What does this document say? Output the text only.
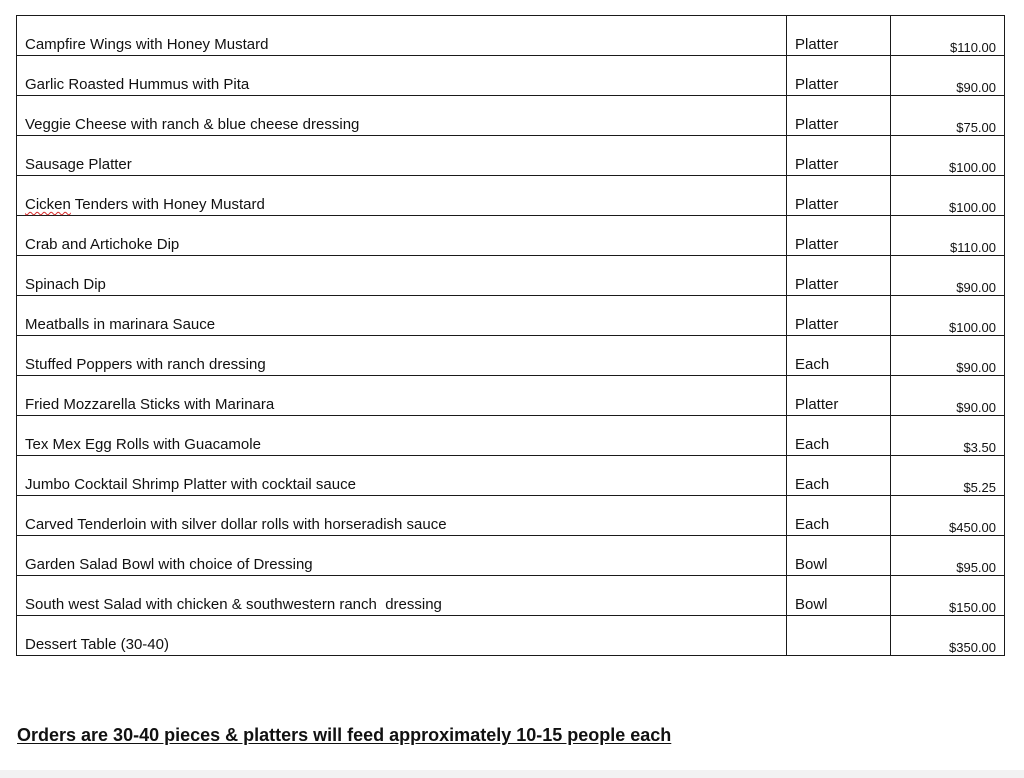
Campfire Wings with Honey Mustard	Platter	$110.00
Garlic Roasted Hummus with Pita	Platter	$90.00
Veggie Cheese with ranch & blue cheese dressing	Platter	$75.00
Sausage Platter	Platter	$100.00
Cicken Tenders with Honey Mustard	Platter	$100.00
Crab and Artichoke Dip	Platter	$110.00
Spinach Dip	Platter	$90.00
Meatballs in marinara Sauce	Platter	$100.00
Stuffed Poppers with ranch dressing	Each	$90.00
Fried Mozzarella Sticks with Marinara	Platter	$90.00
Tex Mex Egg Rolls with Guacamole	Each	$3.50
Jumbo Cocktail Shrimp Platter with cocktail sauce	Each	$5.25
Carved Tenderloin with silver dollar rolls with horseradish sauce	Each	$450.00
Garden Salad Bowl with choice of Dressing	Bowl	$95.00
South west Salad with chicken & southwestern ranch  dressing	Bowl	$150.00
Dessert Table (30-40)		$350.00
Orders are 30-40 pieces & platters will feed approximately 10-15 people each
